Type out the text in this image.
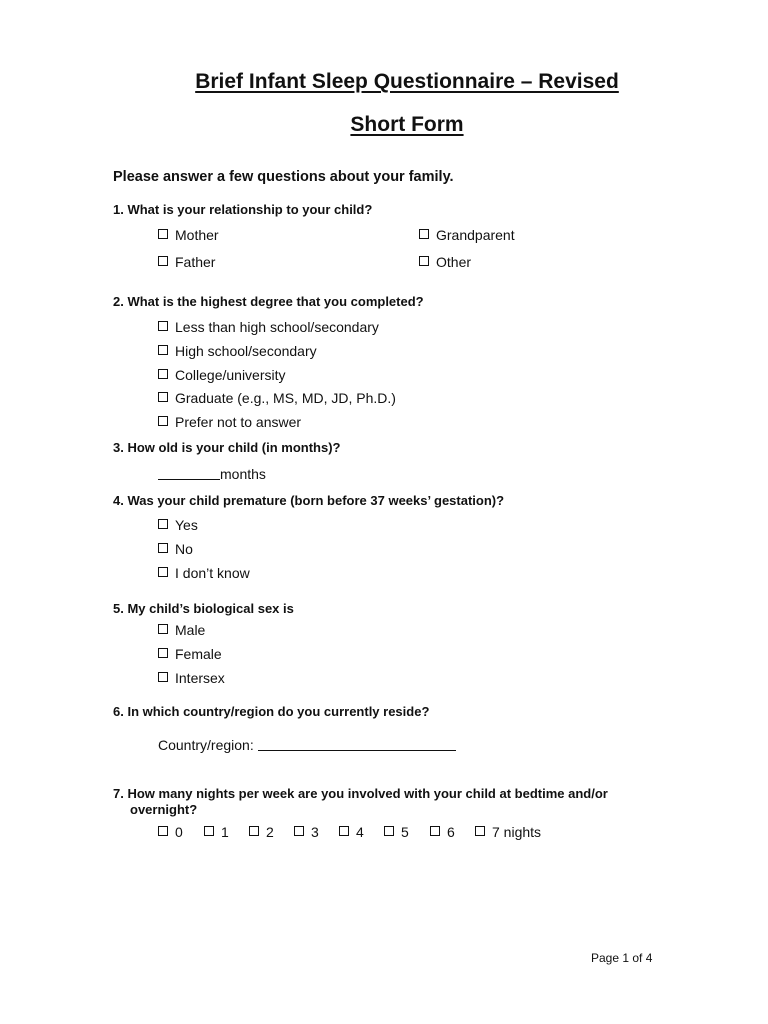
Brief Infant Sleep Questionnaire – Revised
Short Form
Please answer a few questions about your family.
1. What is your relationship to your child?
Mother
Father
Grandparent
Other
2. What is the highest degree that you completed?
Less than high school/secondary
High school/secondary
College/university
Graduate (e.g., MS, MD, JD, Ph.D.)
Prefer not to answer
3. How old is your child (in months)?
months
4. Was your child premature (born before 37 weeks’ gestation)?
Yes
No
I don’t know
5. My child’s biological sex is
Male
Female
Intersex
6. In which country/region do you currently reside?
Country/region:
7. How many nights per week are you involved with your child at bedtime and/or overnight?
0	1	2	3	4	5	6	7 nights
Page 1 of 4
